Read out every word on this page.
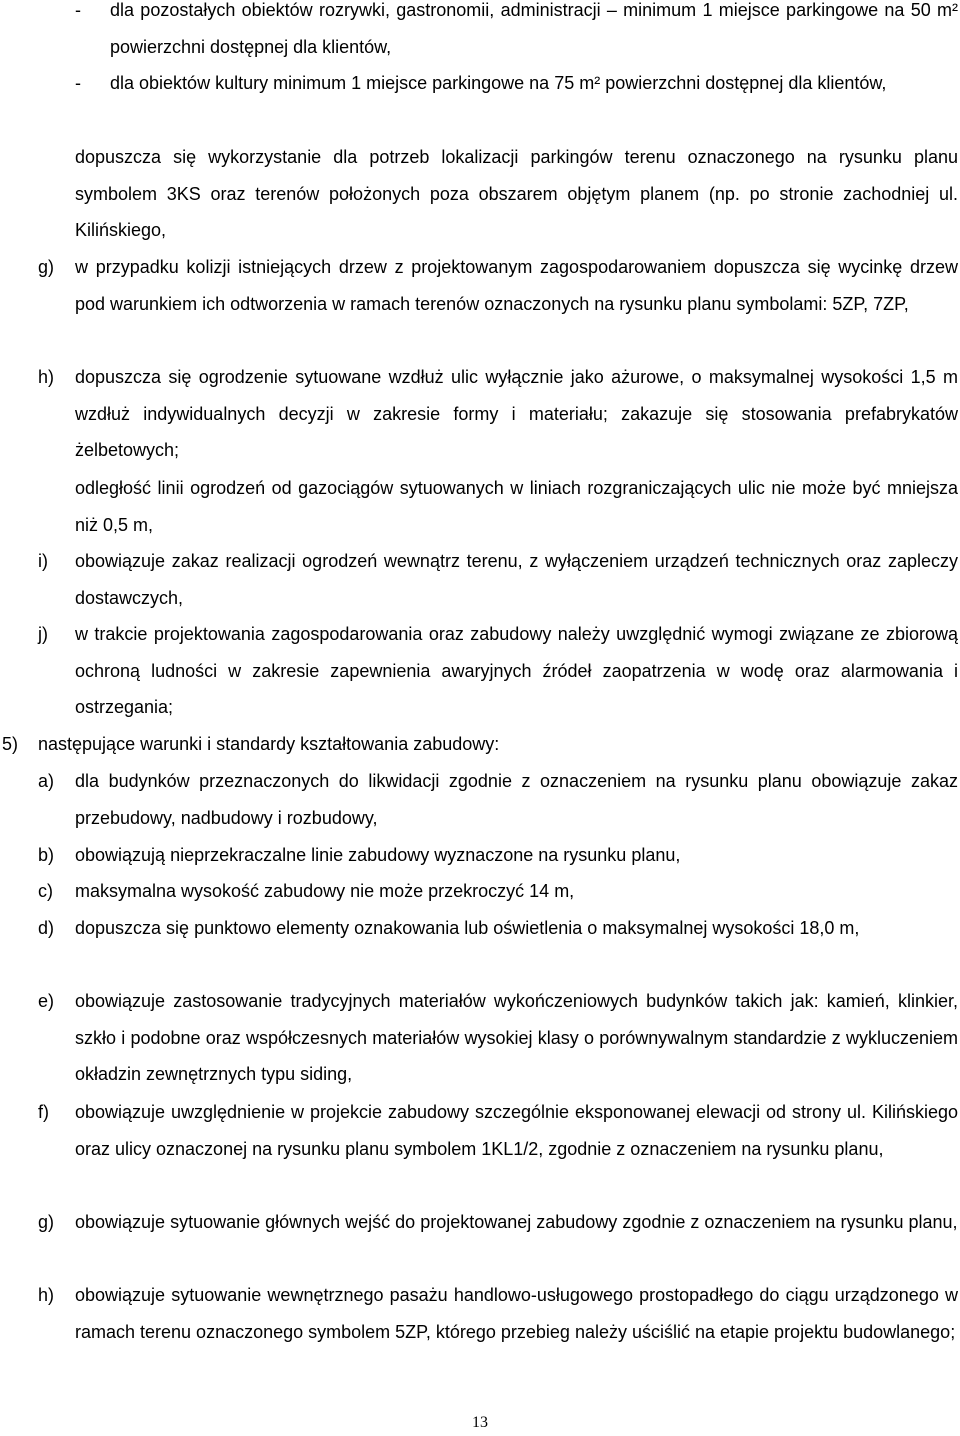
- dla pozostałych obiektów rozrywki, gastronomii, administracji – minimum 1 miejsce parkingowe na 50 m² powierzchni dostępnej dla klientów,
- dla obiektów kultury minimum 1 miejsce parkingowe na 75 m² powierzchni dostępnej dla klientów,
dopuszcza się wykorzystanie dla potrzeb lokalizacji parkingów terenu oznaczonego na rysunku planu symbolem 3KS oraz terenów położonych poza obszarem objętym planem (np. po stronie zachodniej ul. Kilińskiego,
g) w przypadku kolizji istniejących drzew z projektowanym zagospodarowaniem dopuszcza się wycinkę drzew pod warunkiem ich odtworzenia w ramach terenów oznaczonych na rysunku planu symbolami: 5ZP, 7ZP,
h) dopuszcza się ogrodzenie sytuowane wzdłuż ulic wyłącznie jako ażurowe, o maksymalnej wysokości 1,5 m wzdłuż indywidualnych decyzji w zakresie formy i materiału; zakazuje się stosowania prefabrykatów żelbetowych;
odległość linii ogrodzeń od gazociągów sytuowanych w liniach rozgraniczających ulic nie może być mniejsza niż 0,5 m,
i) obowiązuje zakaz realizacji ogrodzeń wewnątrz terenu, z wyłączeniem urządzeń technicznych oraz zapleczy dostawczych,
j) w trakcie projektowania zagospodarowania oraz zabudowy należy uwzględnić wymogi związane ze zbiorową ochroną ludności w zakresie zapewnienia awaryjnych źródeł zaopatrzenia w wodę oraz alarmowania i ostrzegania;
5) następujące warunki i standardy kształtowania zabudowy:
a) dla budynków przeznaczonych do likwidacji zgodnie z oznaczeniem na rysunku planu obowiązuje zakaz przebudowy, nadbudowy i rozbudowy,
b) obowiązują nieprzekraczalne linie zabudowy wyznaczone na rysunku planu,
c) maksymalna wysokość zabudowy nie może przekroczyć 14 m,
d) dopuszcza się punktowo elementy oznakowania lub oświetlenia o maksymalnej wysokości 18,0 m,
e) obowiązuje zastosowanie tradycyjnych materiałów wykończeniowych budynków takich jak: kamień, klinkier, szkło i podobne oraz współczesnych materiałów wysokiej klasy o porównywalnym standardzie z wykluczeniem okładzin zewnętrznych typu siding,
f) obowiązuje uwzględnienie w projekcie zabudowy szczególnie eksponowanej elewacji od strony ul. Kilińskiego oraz ulicy oznaczonej na rysunku planu symbolem 1KL1/2, zgodnie z oznaczeniem na rysunku planu,
g) obowiązuje sytuowanie głównych wejść do projektowanej zabudowy zgodnie z oznaczeniem na rysunku planu,
h) obowiązuje sytuowanie wewnętrznego pasażu handlowo-usługowego prostopadłego do ciągu urządzonego w ramach terenu oznaczonego symbolem 5ZP, którego przebieg należy uściślić na etapie projektu budowlanego;
13
